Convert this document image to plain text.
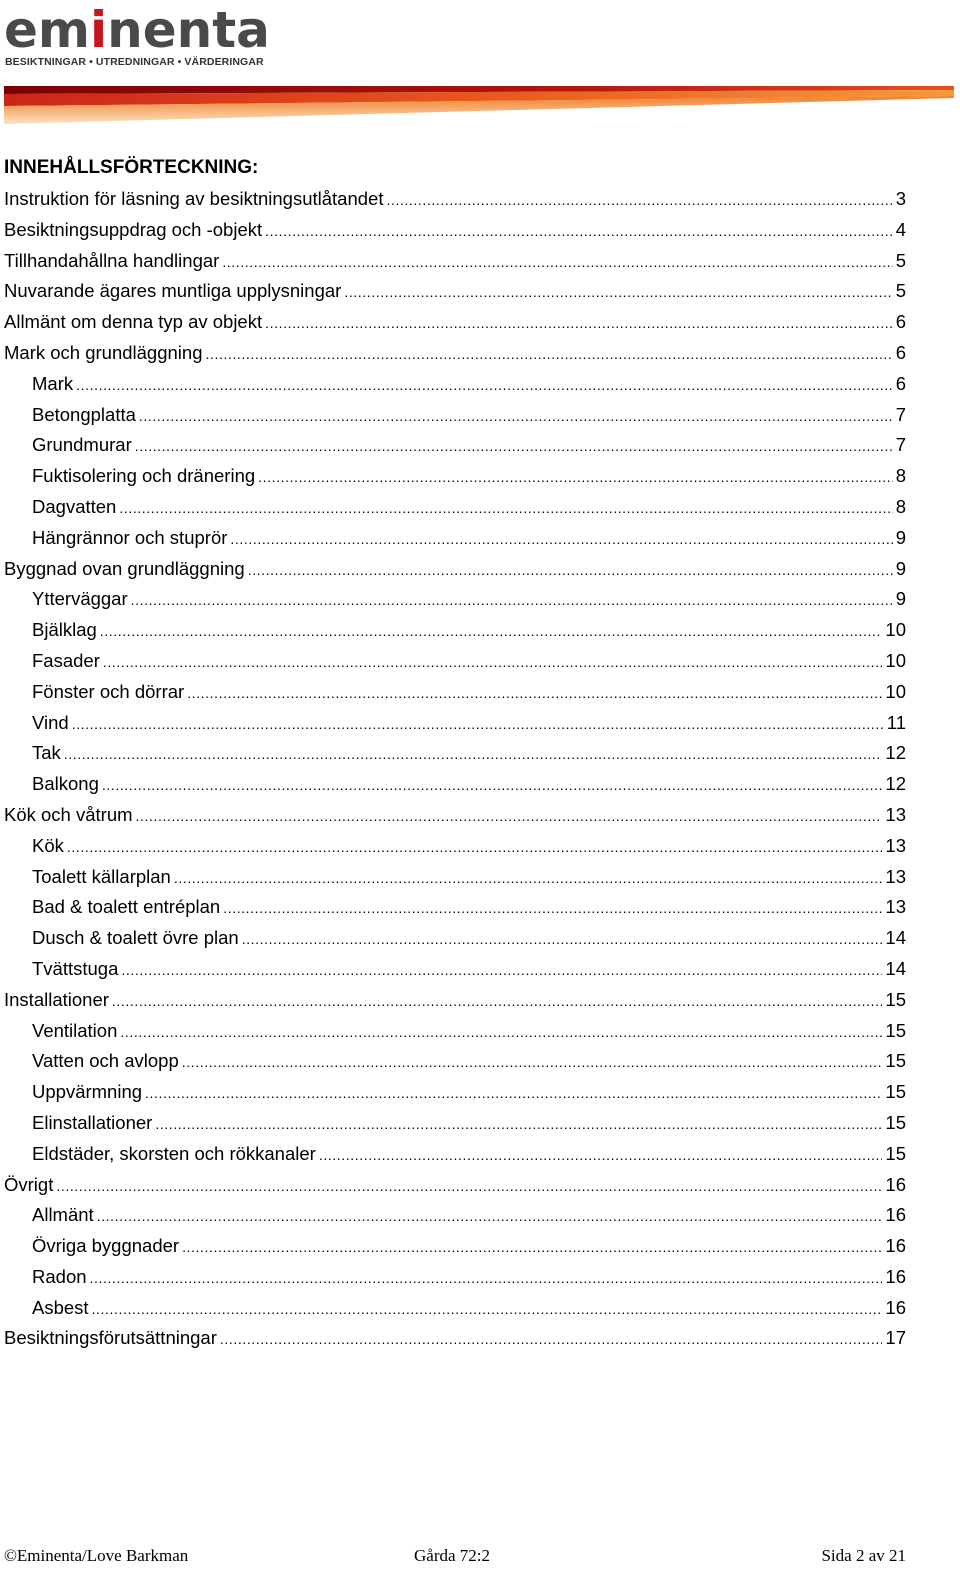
eminenta
BESIKTNINGAR • UTREDNINGAR • VÄRDERINGAR
INNEHÅLLSFÖRTECKNING:
Instruktion för läsning av besiktningsutlåtandet .....	3
Besiktningsuppdrag och -objekt .....	4
Tillhandahållna handlingar .....	5
Nuvarande ägares muntliga upplysningar .....	5
Allmänt om denna typ av objekt .....	6
Mark och grundläggning .....	6
Mark .....	6
Betongplatta .....	7
Grundmurar .....	7
Fuktisolering och dränering .....	8
Dagvatten .....	8
Hängrännor och stuprör .....	9
Byggnad ovan grundläggning .....	9
Ytterväggar .....	9
Bjälklag .....	10
Fasader .....	10
Fönster och dörrar .....	10
Vind .....	11
Tak .....	12
Balkong .....	12
Kök och våtrum .....	13
Kök .....	13
Toalett källarplan .....	13
Bad & toalett entréplan .....	13
Dusch & toalett övre plan .....	14
Tvättstuga .....	14
Installationer .....	15
Ventilation .....	15
Vatten och avlopp .....	15
Uppvärmning .....	15
Elinstallationer .....	15
Eldstäder, skorsten och rökkanaler .....	15
Övrigt .....	16
Allmänt .....	16
Övriga byggnader .....	16
Radon .....	16
Asbest .....	16
Besiktningsförutsättningar .....	17
©Eminenta/Love Barkman	Gårda 72:2	Sida 2 av 21
